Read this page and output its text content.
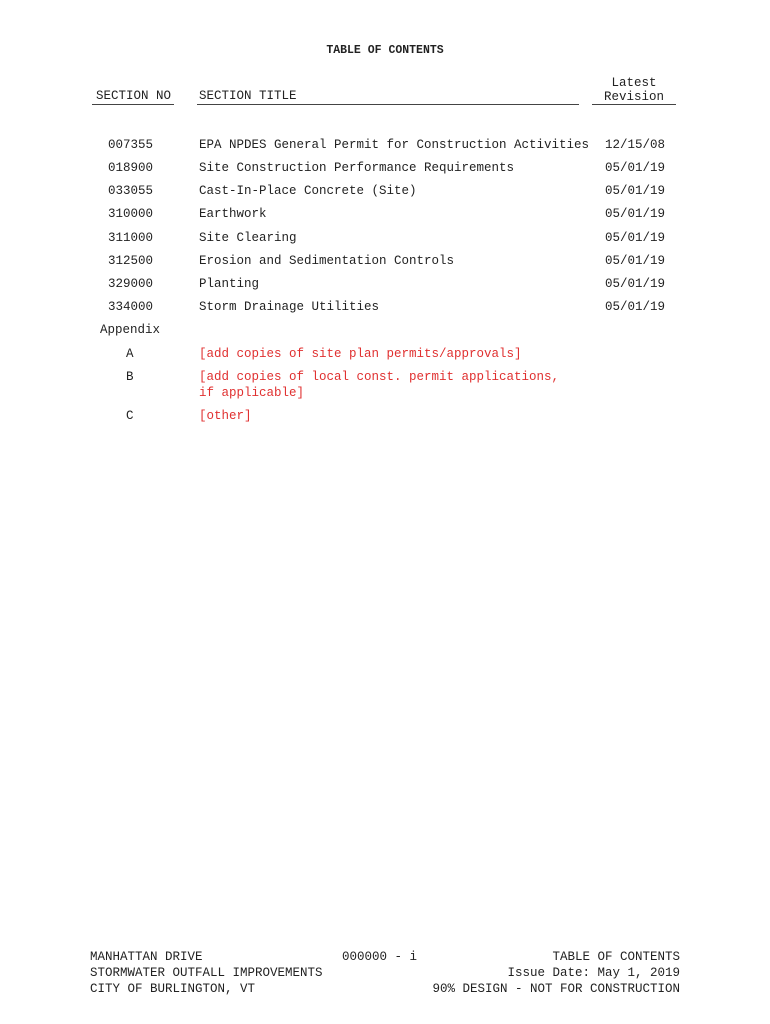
TABLE OF CONTENTS
SECTION NO SECTION TITLE
Latest Revision
007355	EPA NPDES General Permit for Construction Activities 12/15/08
018900	Site Construction Performance Requirements	05/01/19
033055	Cast-In-Place Concrete (Site)	05/01/19
310000	Earthwork	05/01/19
311000	Site Clearing	05/01/19
312500	Erosion and Sedimentation Controls	05/01/19
329000	Planting	05/01/19
334000	Storm Drainage Utilities	05/01/19
Appendix
A	[add copies of site plan permits/approvals]
B	[add copies of local const. permit applications,
if applicable]
C	[other]
MANHATTAN DRIVE
STORMWATER OUTFALL IMPROVEMENTS
CITY OF BURLINGTON, VT
000000 - i	TABLE OF CONTENTS
Issue Date: May 1, 2019
90% DESIGN - NOT FOR CONSTRUCTION
